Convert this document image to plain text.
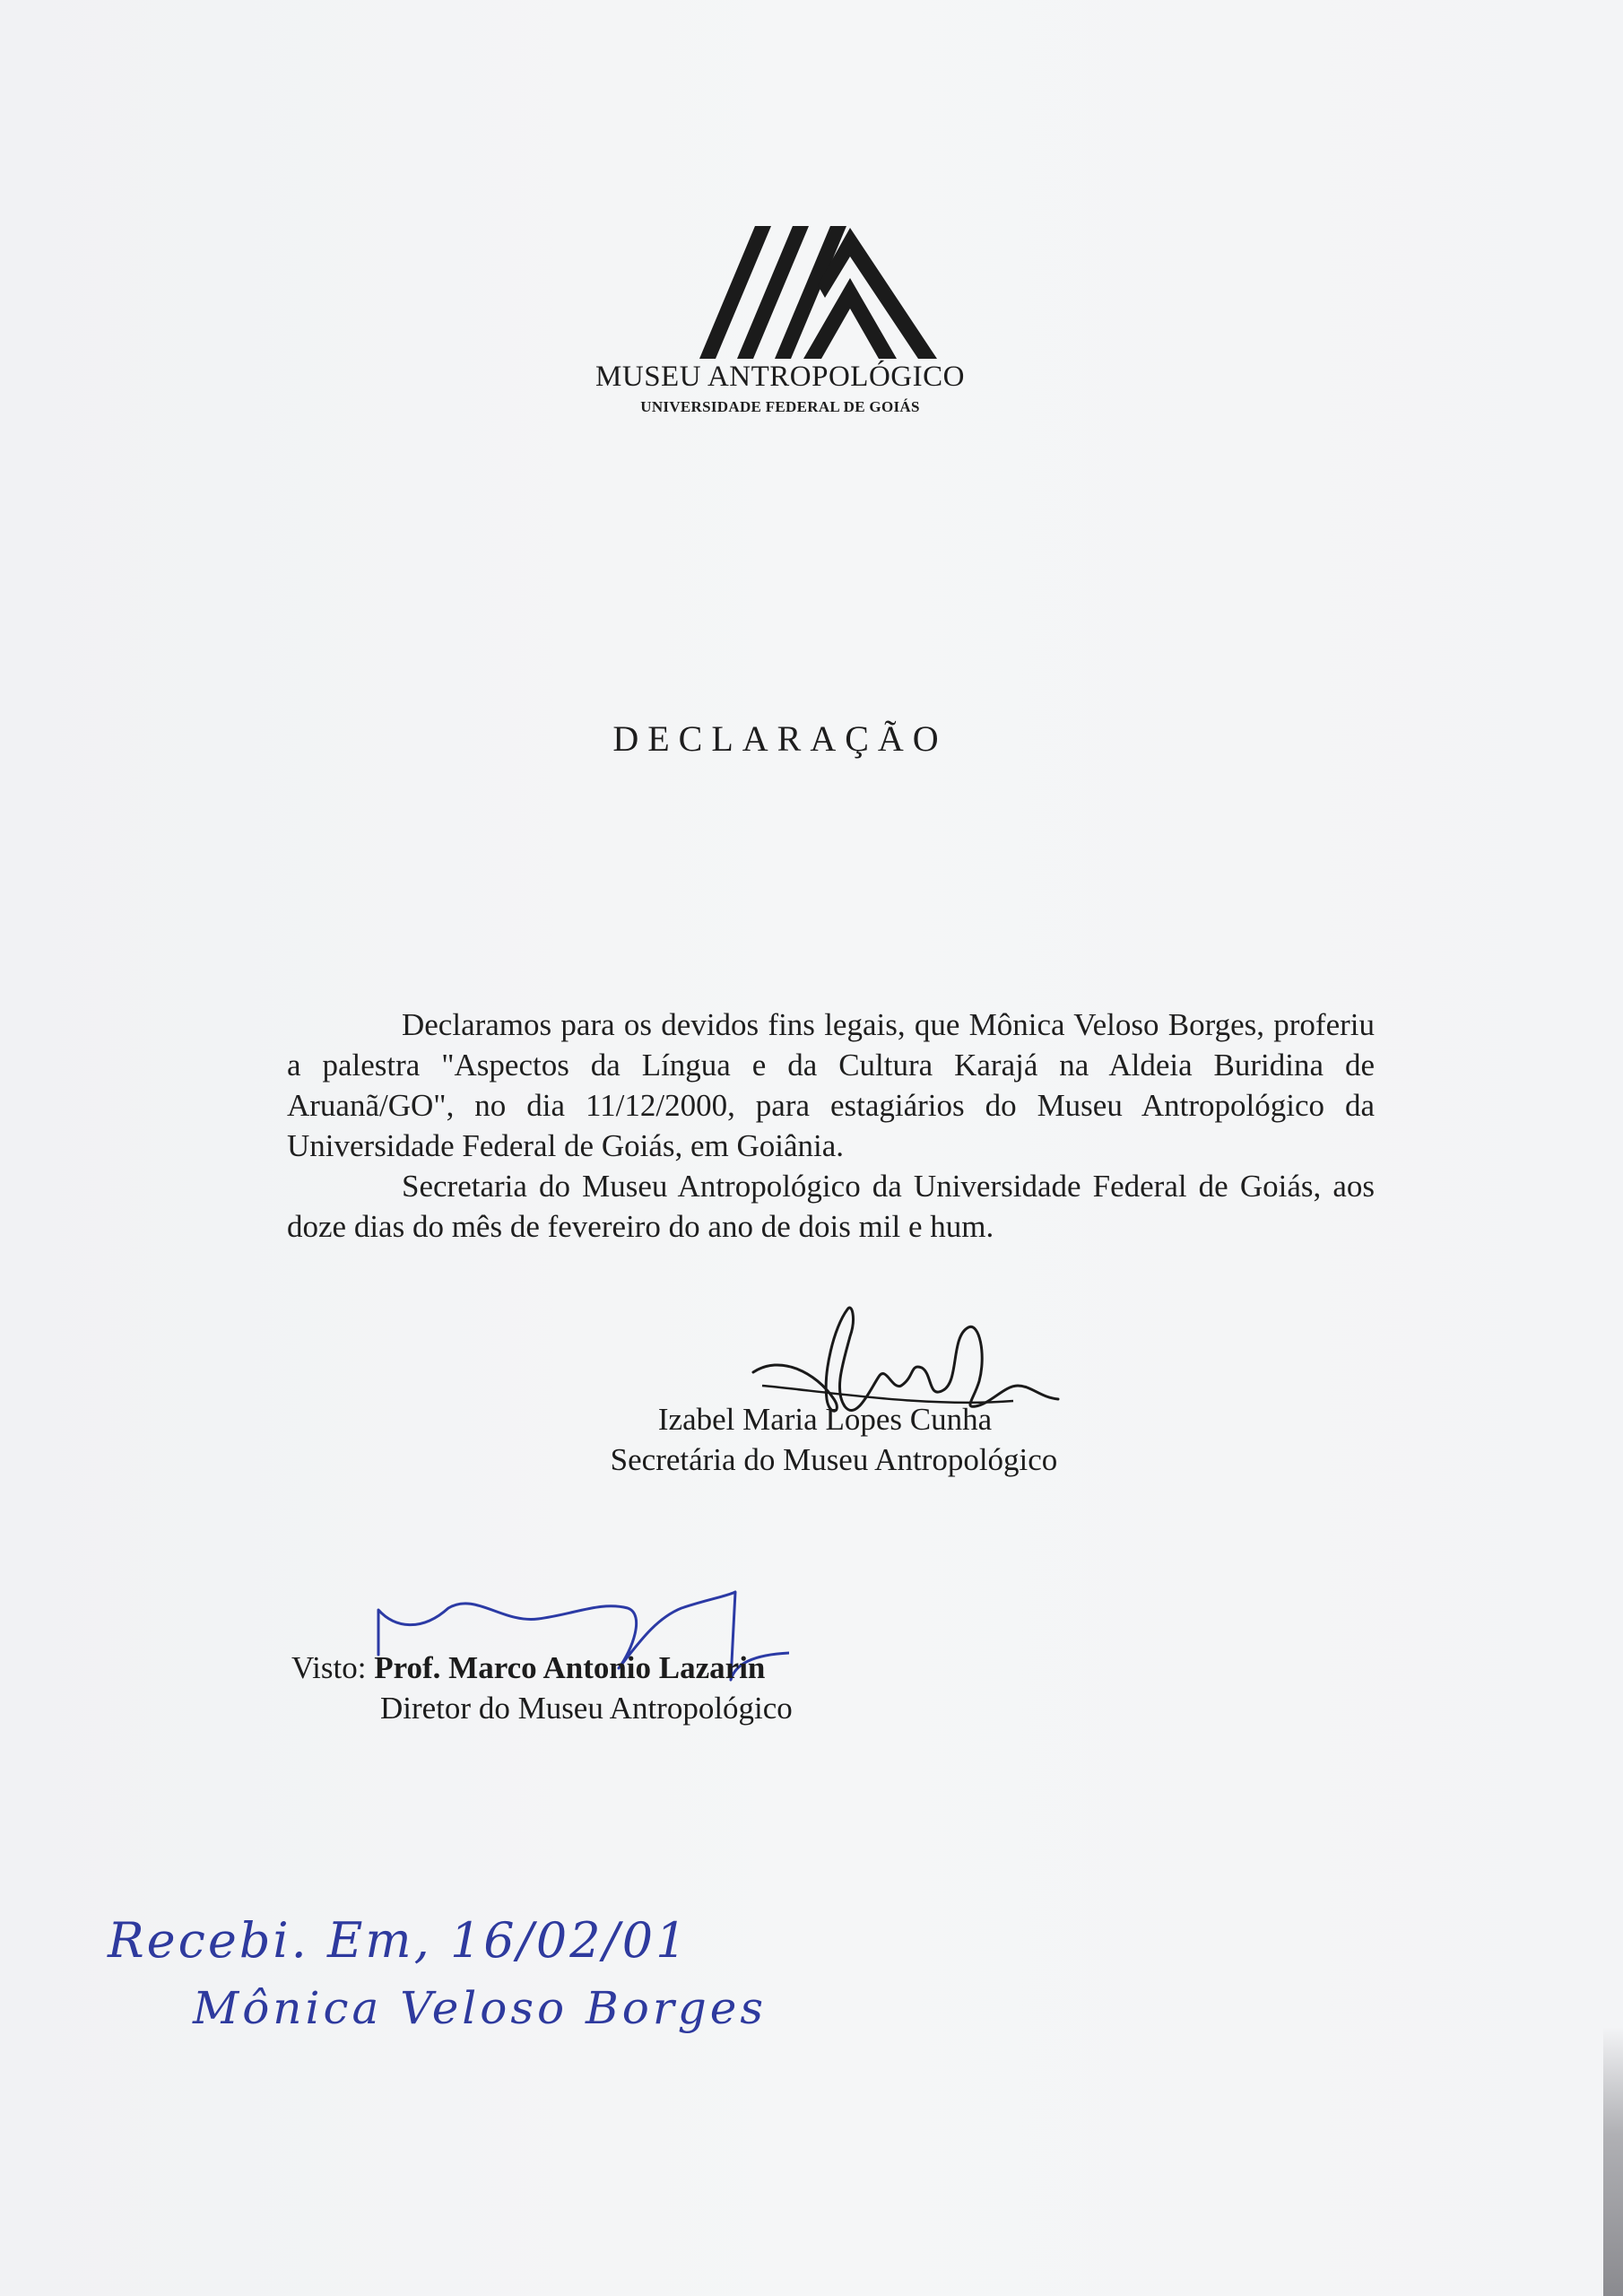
MUSEU ANTROPOLÓGICO
UNIVERSIDADE FEDERAL DE GOIÁS
DECLARAÇÃO

Declaramos para os devidos fins legais, que Mônica Veloso Borges, proferiu a palestra "Aspectos da Língua e da Cultura Karajá na Aldeia Buridina de Aruanã/GO", no dia 11/12/2000, para estagiários do Museu Antropológico da Universidade Federal de Goiás, em Goiânia.

Secretaria do Museu Antropológico da Universidade Federal de Goiás, aos doze dias do mês de fevereiro do ano de dois mil e hum.

Izabel Maria Lopes Cunha
Secretária do Museu Antropológico
Visto: Prof. Marco Antonio Lazarin
Diretor do Museu Antropológico
Recebi. Em, 16/02/01
Mônica Veloso Borges
